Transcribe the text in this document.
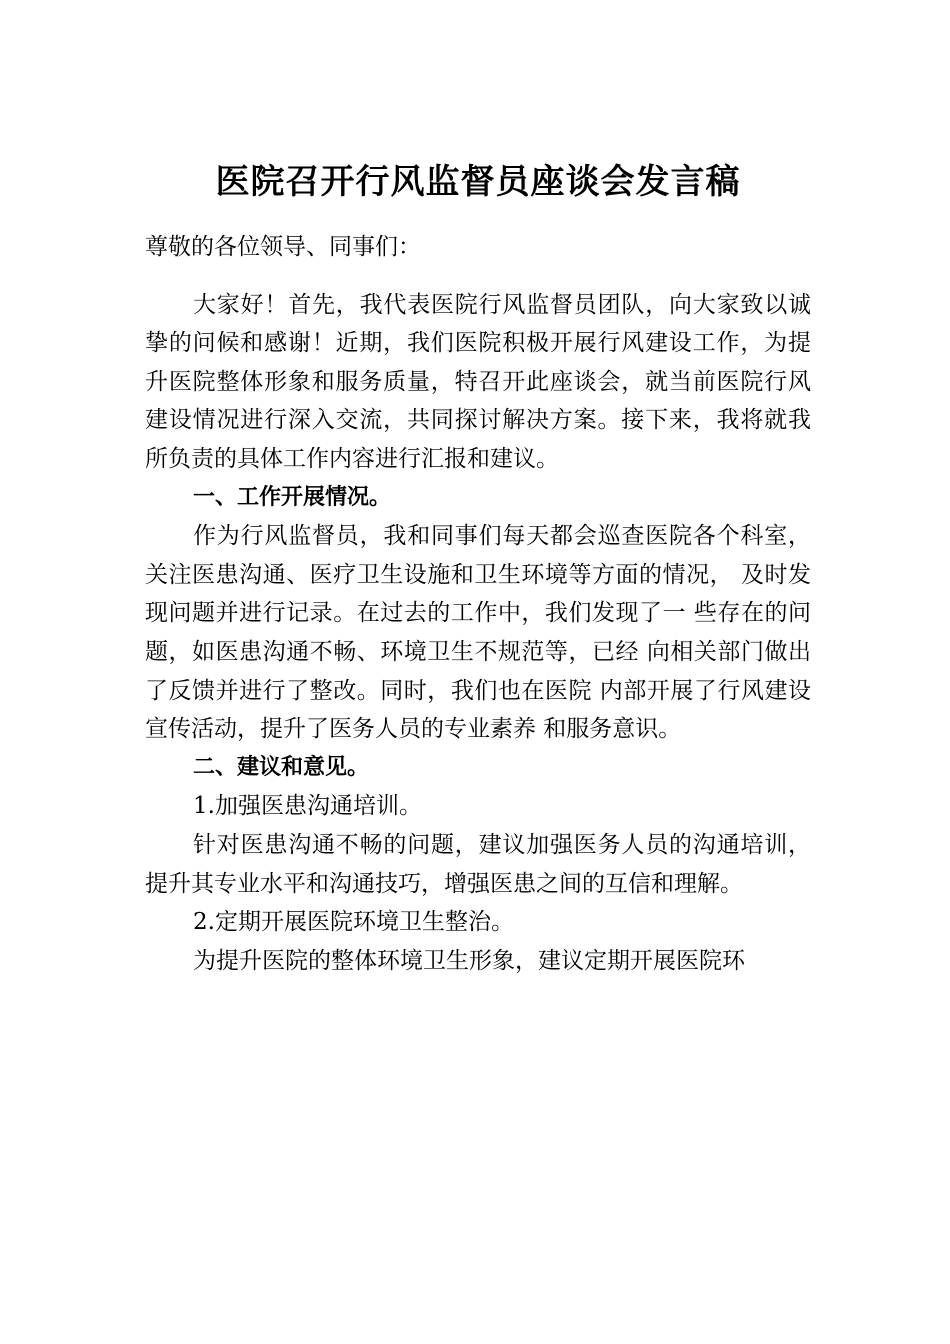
医院召开行风监督员座谈会发言稿

尊敬的各位领导、同事们：

大家好！首先，我代表医院行风监督员团队，向大家致以诚挚的问候和感谢！近期，我们医院积极开展行风建设工作，为提升医院整体形象和服务质量，特召开此座谈会，就当前医院行风建设情况进行深入交流，共同探讨解决方案。接下来，我将就我所负责的具体工作内容进行汇报和建议。

一、工作开展情况。

作为行风监督员，我和同事们每天都会巡查医院各个科室，关注医患沟通、医疗卫生设施和卫生环境等方面的情况， 及时发现问题并进行记录。在过去的工作中，我们发现了一 些存在的问题，如医患沟通不畅、环境卫生不规范等，已经 向相关部门做出了反馈并进行了整改。同时，我们也在医院 内部开展了行风建设宣传活动，提升了医务人员的专业素养 和服务意识。

二、建议和意见。

1.加强医患沟通培训。

针对医患沟通不畅的问题，建议加强医务人员的沟通培训，提升其专业水平和沟通技巧，增强医患之间的互信和理解。

2.定期开展医院环境卫生整治。

为提升医院的整体环境卫生形象，建议定期开展医院环
